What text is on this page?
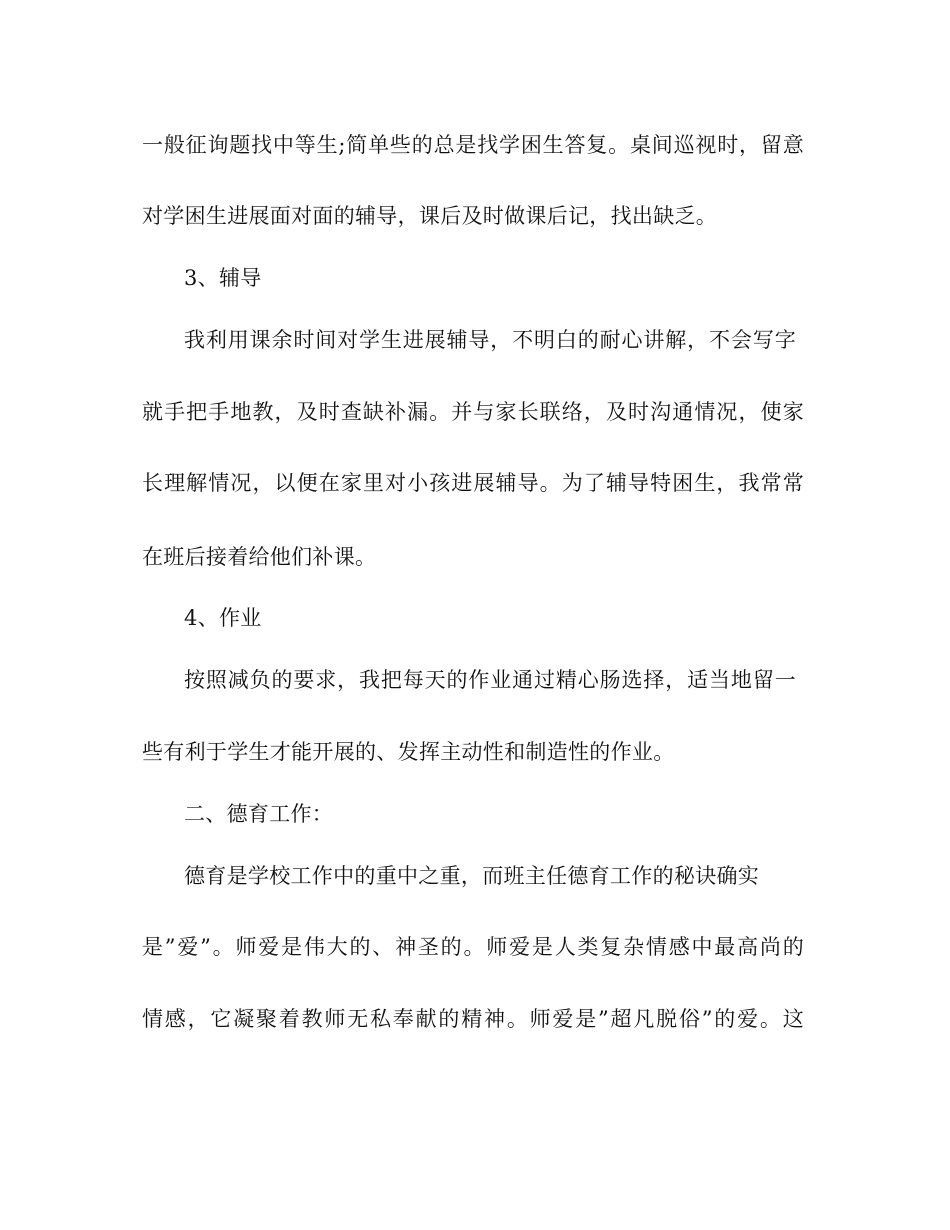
一般征询题找中等生;简单些的总是找学困生答复。桌间巡视时，留意
对学困生进展面对面的辅导，课后及时做课后记，找出缺乏。
3、辅导
我利用课余时间对学生进展辅导，不明白的耐心讲解，不会写字
就手把手地教，及时查缺补漏。并与家长联络，及时沟通情况，使家
长理解情况，以便在家里对小孩进展辅导。为了辅导特困生，我常常
在班后接着给他们补课。
4、作业
按照减负的要求，我把每天的作业通过精心肠选择，适当地留一
些有利于学生才能开展的、发挥主动性和制造性的作业。
二、德育工作：
德育是学校工作中的重中之重，而班主任德育工作的秘诀确实
是”爱”。师爱是伟大的、神圣的。师爱是人类复杂情感中最高尚的
情感，它凝聚着教师无私奉献的精神。师爱是”超凡脱俗”的爱。这
